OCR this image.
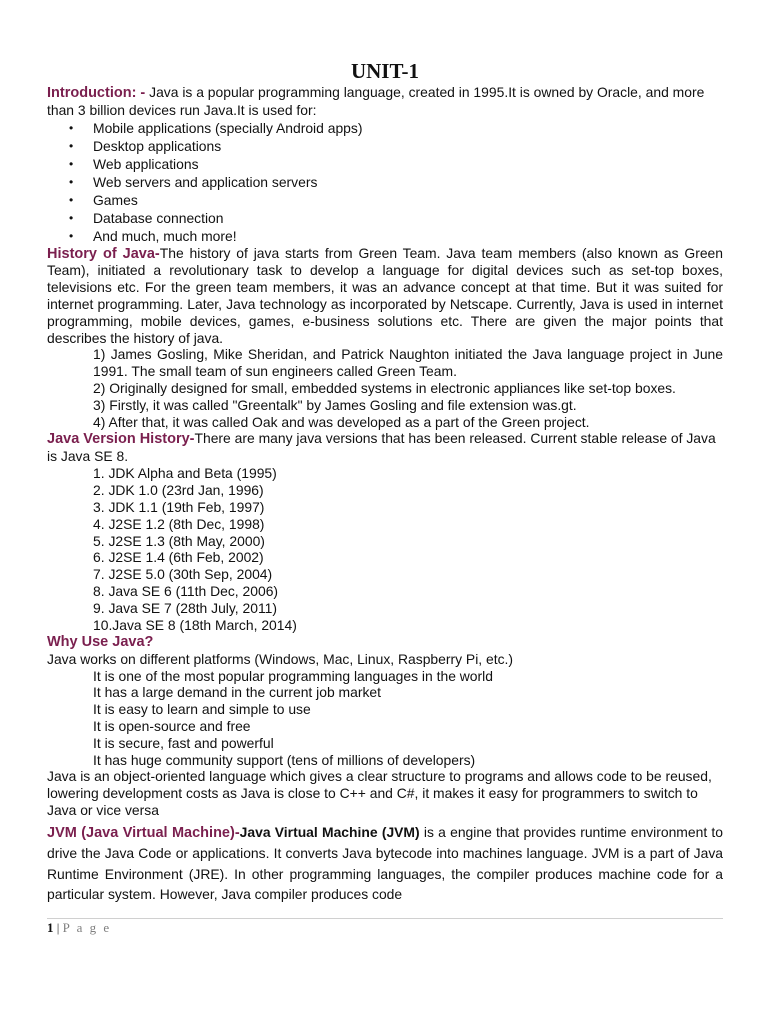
UNIT-1

Introduction: - Java is a popular programming language, created in 1995.It is owned by Oracle, and more than 3 billion devices run Java.It is used for:

• Mobile applications (specially Android apps)
• Desktop applications
• Web applications
• Web servers and application servers
• Games
• Database connection
• And much, much more!

History of Java-The history of java starts from Green Team. Java team members (also known as Green Team), initiated a revolutionary task to develop a language for digital devices such as set-top boxes, televisions etc. For the green team members, it was an advance concept at that time. But it was suited for internet programming. Later, Java technology as incorporated by Netscape. Currently, Java is used in internet programming, mobile devices, games, e-business solutions etc. There are given the major points that describes the history of java.

1) James Gosling, Mike Sheridan, and Patrick Naughton initiated the Java language project in June 1991. The small team of sun engineers called Green Team.

2) Originally designed for small, embedded systems in electronic appliances like set-top boxes.

3) Firstly, it was called "Greentalk" by James Gosling and file extension was.gt.

4) After that, it was called Oak and was developed as a part of the Green project.

Java Version History-There are many java versions that has been released. Current stable release of Java is Java SE 8.

1. JDK Alpha and Beta (1995)

2. JDK 1.0 (23rd Jan, 1996)

3. JDK 1.1 (19th Feb, 1997)

4. J2SE 1.2 (8th Dec, 1998)

5. J2SE 1.3 (8th May, 2000)

6. J2SE 1.4 (6th Feb, 2002)

7. J2SE 5.0 (30th Sep, 2004)

8. Java SE 6 (11th Dec, 2006)

9. Java SE 7 (28th July, 2011)

10.Java SE 8 (18th March, 2014)

Why Use Java?

Java works on different platforms (Windows, Mac, Linux, Raspberry Pi, etc.)

It is one of the most popular programming languages in the world

It has a large demand in the current job market

It is easy to learn and simple to use

It is open-source and free

It is secure, fast and powerful

It has huge community support (tens of millions of developers)

Java is an object-oriented language which gives a clear structure to programs and allows code to be reused, lowering development costs as Java is close to C++ and C#, it makes it easy for programmers to switch to Java or vice versa

JVM (Java Virtual Machine)-Java Virtual Machine (JVM) is a engine that provides runtime environment to drive the Java Code or applications. It converts Java bytecode into machines language. JVM is a part of Java Runtime Environment (JRE). In other programming languages, the compiler produces machine code for a particular system. However, Java compiler produces code

1 | P a g e
